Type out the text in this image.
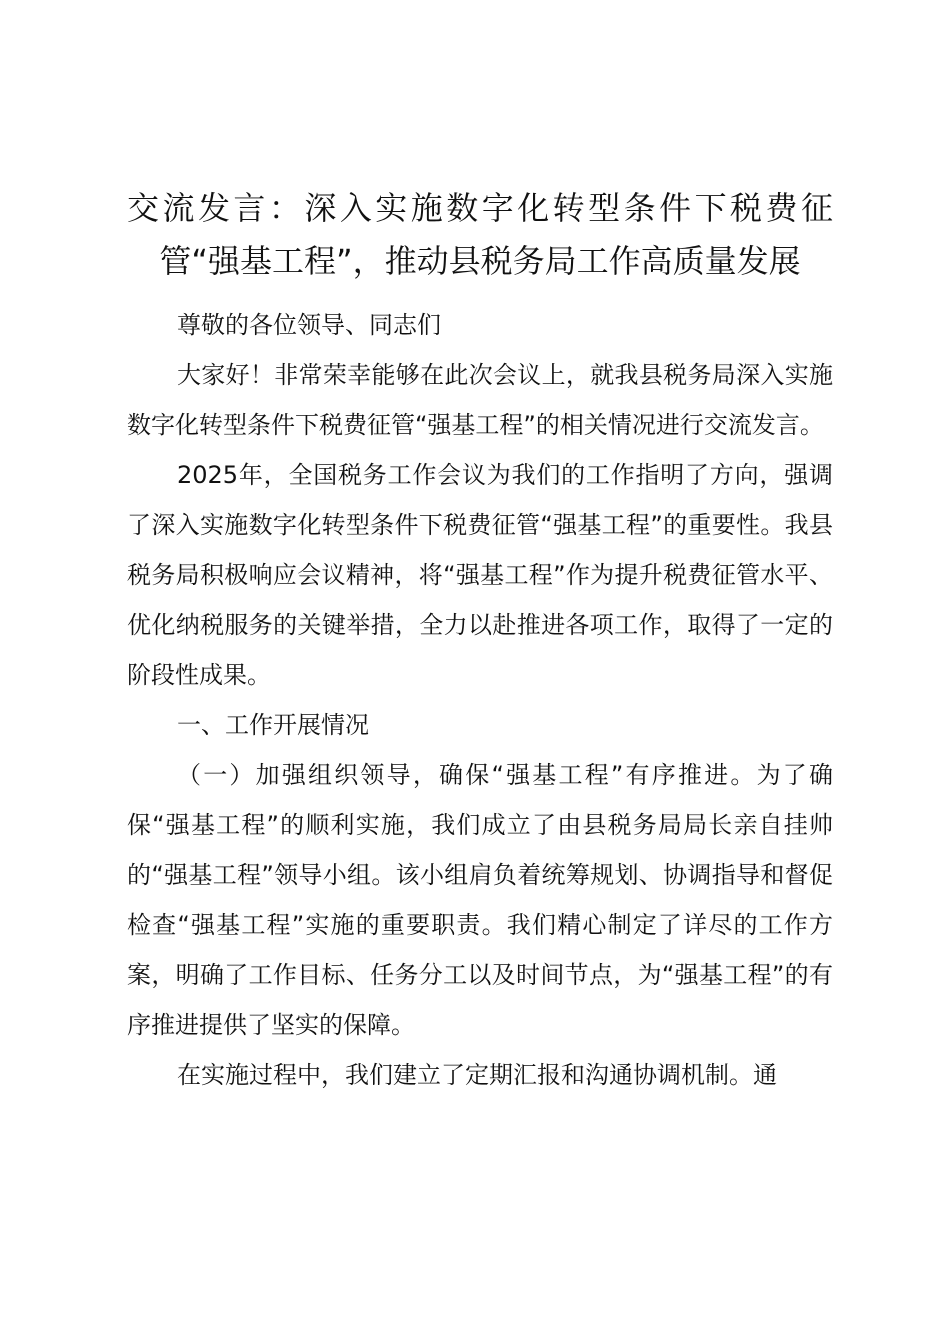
交流发言：深入实施数字化转型条件下税费征管“强基工程”，推动县税务局工作高质量发展

尊敬的各位领导、同志们

大家好！非常荣幸能够在此次会议上，就我县税务局深入实施数字化转型条件下税费征管“强基工程”的相关情况进行交流发言。

2025年，全国税务工作会议为我们的工作指明了方向，强调了深入实施数字化转型条件下税费征管“强基工程”的重要性。我县税务局积极响应会议精神，将“强基工程”作为提升税费征管水平、优化纳税服务的关键举措，全力以赴推进各项工作，取得了一定的阶段性成果。

一、工作开展情况

（一）加强组织领导，确保“强基工程”有序推进。为了确保“强基工程”的顺利实施，我们成立了由县税务局局长亲自挂帅的“强基工程”领导小组。该小组肩负着统筹规划、协调指导和督促检查“强基工程”实施的重要职责。我们精心制定了详尽的工作方案，明确了工作目标、任务分工以及时间节点，为“强基工程”的有序推进提供了坚实的保障。

在实施过程中，我们建立了定期汇报和沟通协调机制。通
